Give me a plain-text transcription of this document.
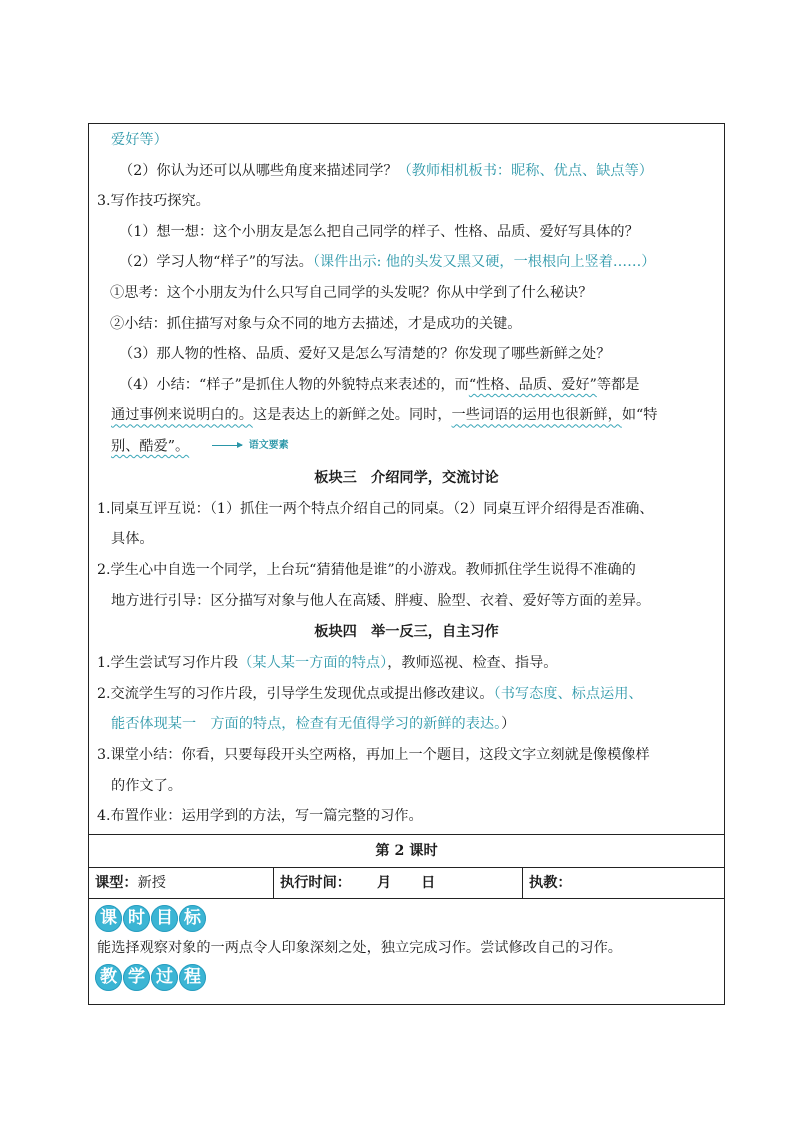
爱好等）
（2）你认为还可以从哪些角度来描述同学？（教师相机板书：昵称、优点、缺点等）
3.写作技巧探究。
（1）想一想：这个小朋友是怎么把自己同学的样子、性格、品质、爱好写具体的？
（2）学习人物“样子”的写法。（课件出示: 他的头发又黑又硬，一根根向上竖着……）
①思考：这个小朋友为什么只写自己同学的头发呢？你从中学到了什么秘诀？
②小结：抓住描写对象与众不同的地方去描述，才是成功的关键。
（3）那人物的性格、品质、爱好又是怎么写清楚的？你发现了哪些新鲜之处？
（4）小结：“样子”是抓住人物的外貌特点来表述的，而“性格、品质、爱好”等都是
通过事例来说明白的。这是表达上的新鲜之处。同时，一些词语的运用也很新鲜，如“特
别、酷爱”。	语文要素
板块三　介绍同学，交流讨论
1.同桌互评互说：（1）抓住一两个特点介绍自己的同桌。（2）同桌互评介绍得是否准确、
具体。
2.学生心中自选一个同学，上台玩“猜猜他是谁”的小游戏。教师抓住学生说得不准确的
地方进行引导：区分描写对象与他人在高矮、胖瘦、脸型、衣着、爱好等方面的差异。
板块四　举一反三，自主习作
1.学生尝试写习作片段（某人某一方面的特点），教师巡视、检查、指导。
2.交流学生写的习作片段，引导学生发现优点或提出修改建议。（书写态度、标点运用、
能否体现某一　方面的特点，检查有无值得学习的新鲜的表达。）
3.课堂小结：你看，只要每段开头空两格，再加上一个题目，这段文字立刻就是像模像样
的作文了。
4.布置作业：运用学到的方法，写一篇完整的习作。
第 2 课时
课型：新授	执行时间： 月 日	执教：
课 时 目 标
能选择观察对象的一两点令人印象深刻之处，独立完成习作。尝试修改自己的习作。
教 学 过 程
